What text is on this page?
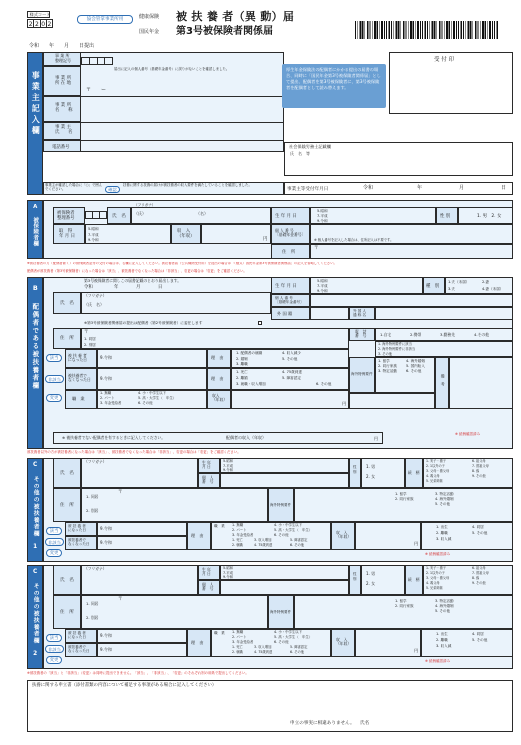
様式コード
2 2 0 2
協会管掌事業所用	健康保険
国民年金
被 扶 養 者（異 動）届
第3号被保険者関係届
令和　　年　　月　　日提出
受 付 印
事業主記入欄
事 業 所
整理記号
届出に記入の個人番号（基礎年金番号）に誤りがないことを確認しました。
事 業 所
所 在 地
〒　　ー
事 業 所
名　　称
事 業 主
氏　　名
電話番号
厚生年金保険法の配偶者にかかる提出の届書の場合、同時に「国民年金第3号被保険者関係届」として提出、配偶者を第3号被保険者に、第3号被保険者を配偶者として読み替えます。
社会保険労務士記載欄
氏　名　等
事業主が確認した場合に「○」で囲んでください。	確認
扶養に関する扶養の届けが被扶養者の収入要件を満たしていることを確認しました。
事業主等受付年月日	令和	年	月	日
A 被保険者欄	被保険者
整理番号	氏　名
（フリガナ）
（氏）	（名）
生 年 月 日
5.昭和
7.平成
9.令和
性 別	1. 男　2. 女
取　得
年 月 日
5.昭和
7.平成
9.令和
収　入
（年収）
円
個 人 番 号
〔基礎年金番号〕
※ 個人番号を記入した場合は、住所記入は不要です。
住　所
〒
※被扶養者の方（配偶者除く）の被保険者証等の交付の場合は、右欄に記入してください。被扶養者届（公共機関受付用）を提出の場合は「（様式）国民年金第3号被保険者関係届」の記入を省略してください。
配偶者が被扶養者（第3号被保険者）になった場合は「該当」、被扶養者でなくなった場合は「非該当」、変更の場合は「変更」をご確認ください。
B 配偶者である被扶養者欄
第3号被保険者に関しこの届書記載のとおり届出します。
令和	年	月	日
氏　名
（フリガナ）
（氏　名）
生 年 月 日
5.昭和
7.平成
9.令和
種　別
1.夫（未届）	2.妻
3.夫	4.妻（未届）
個 人 番 号
〔基礎年金番号〕
外 国 籍	外 国 人
通 称 名
※第3号被保険者関係届の提出は配偶者（第2号被保険者）に委任します
住　所
〒
1. 同居
2. 別居
電　話
番　号	1.自宅	2.携帯	3.勤務先	4.その他
1. 海外特例要件に該当
2. 海外特例要件に非該当
3. その他
該当
非該当
変更
被 扶 養 者
になった日	9.令和	理　由
1. 配偶者の就職
2. 婚姻
3. 離職
4. 収入減少
5. その他
海外特例要件
1. 留学
2. 同行家族
3. 特定活動
4. 海外婚姻
5. 国内転入
6. その他
備　考
※ 続柄確認済み
被扶養者で
なくなった日 9.令和	理　由
1. 死亡
2. 離婚
3. 就職・収入増加
4. 75歳到達
5. 障害認定
6. その他
職　業
1. 無職
2. パート
3. 年金受給者
4. 小・中学生以下
5. 高・大学生（　年生）
6. その他
収入
（年収）
円
※ 被扶養者でない配偶者を有するときに記入してください。	配偶者の収入（年収）	円
被扶養者以外の方が被扶養者になった場合は「該当」、被扶養者でなくなった場合は「非該当」、変更の場合は「変更」をご確認ください。
C その他の被扶養者欄 1	氏　名
（フリガナ）	生 年
月 日
5.昭和
7.平成
9.令和
個　人
番　号
性 別 1. 男
2. 女
続　柄
1. 実子・養子
2. 1以外の子
3. 父母・養父母
4. 義父母
5. 兄弟姉妹
6. 祖父母
7. 曾祖父母
8. 孫
9. その他
住　所
1. 同居
2. 別居
〒
海外特例要件
1. 留学
2. 同行家族
3. 特定活動
4. 海外婚姻
5. その他
該当
非該当
変更
被 扶 養 者
になった日	9.令和
被扶養者で
なくなった日	9.令和
理　由
職　業 1. 無職
2. パート
3. 年金受給者
4. 小・中学生以下
5. 高・大学生（　年生）
6. その他
1. 死亡
2. 就職
3. 収入増加
4. 75歳到達
5. 障害認定
6. その他
収　入
（年収）
円
1. 出生
2. 離職
3. 収入減
4. 同居
5. その他
※ 続柄確認済み
C その他の被扶養者欄 2	氏　名
（フリガナ）	生 年
月 日
5.昭和
7.平成
9.令和
個　人
番　号
性 別 1. 男
2. 女
続　柄
1. 実子・養子
2. 1以外の子
3. 父母・養父母
4. 義父母
5. 兄弟姉妹
6. 祖父母
7. 曾祖父母
8. 孫
9. その他
住　所
1. 同居
2. 別居
〒
海外特例要件
1. 留学
2. 同行家族
3. 特定活動
4. 海外婚姻
5. その他
該当
非該当
変更
被 扶 養 者
になった日	9.令和
被扶養者で
なくなった日	9.令和
理　由
職　業 1. 無職
2. パート
3. 年金受給者
4. 小・中学生以下
5. 高・大学生（　年生）
6. その他
1. 死亡
2. 就職
3. 収入増加
4. 75歳到達
5. 障害認定
6. その他
収　入
（年収）
円
1. 出生
2. 離職
3. 収入減
4. 同居
5. その他
※ 続柄確認済み
※被扶養者の「該当」と「非該当」（変更）は同時に提出できません。「該当」、「非該当」、「変更」のそれぞれ別の用紙で提出してください。
扶養に関する申立書（添付書類の内容について補足する事項がある場合に記入してください）
申立の事実に相違ありません。 氏名
